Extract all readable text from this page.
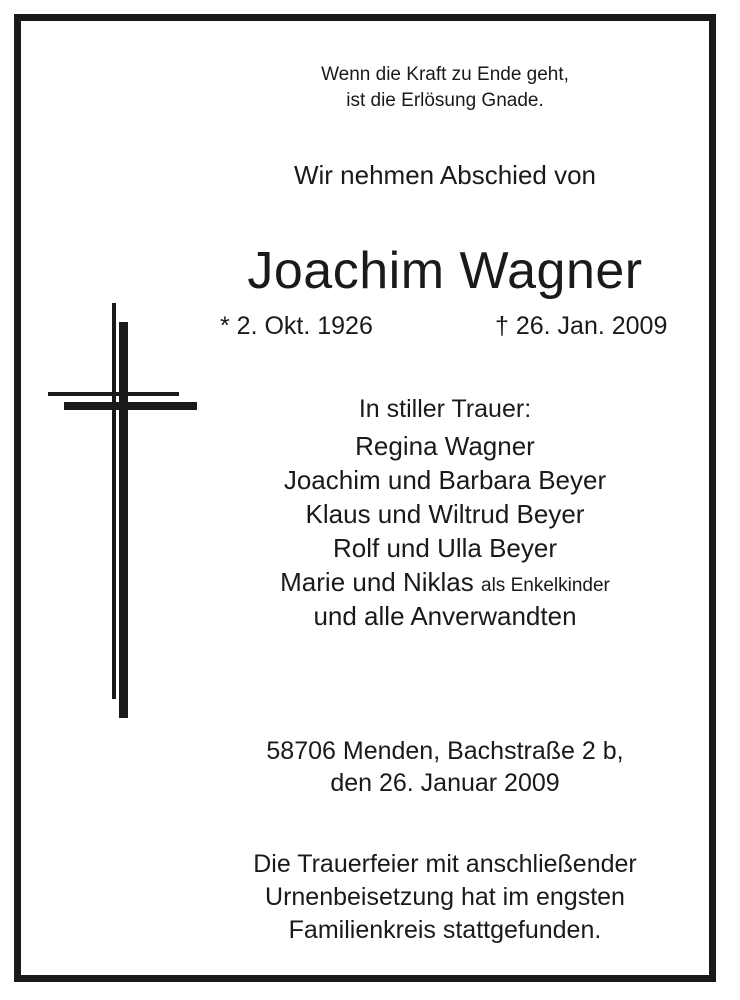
Wenn die Kraft zu Ende geht,

ist die Erlösung Gnade.

Wir nehmen Abschied von

Joachim Wagner

* 2. Okt. 1926	† 26. Jan. 2009

In stiller Trauer:

Regina Wagner

Joachim und Barbara Beyer

Klaus und Wiltrud Beyer

Rolf und Ulla Beyer

Marie und Niklas als Enkelkinder

und alle Anverwandten

58706 Menden, Bachstraße 2 b,

den 26. Januar 2009

Die Trauerfeier mit anschließender

Urnenbeisetzung hat im engsten

Familienkreis stattgefunden.
